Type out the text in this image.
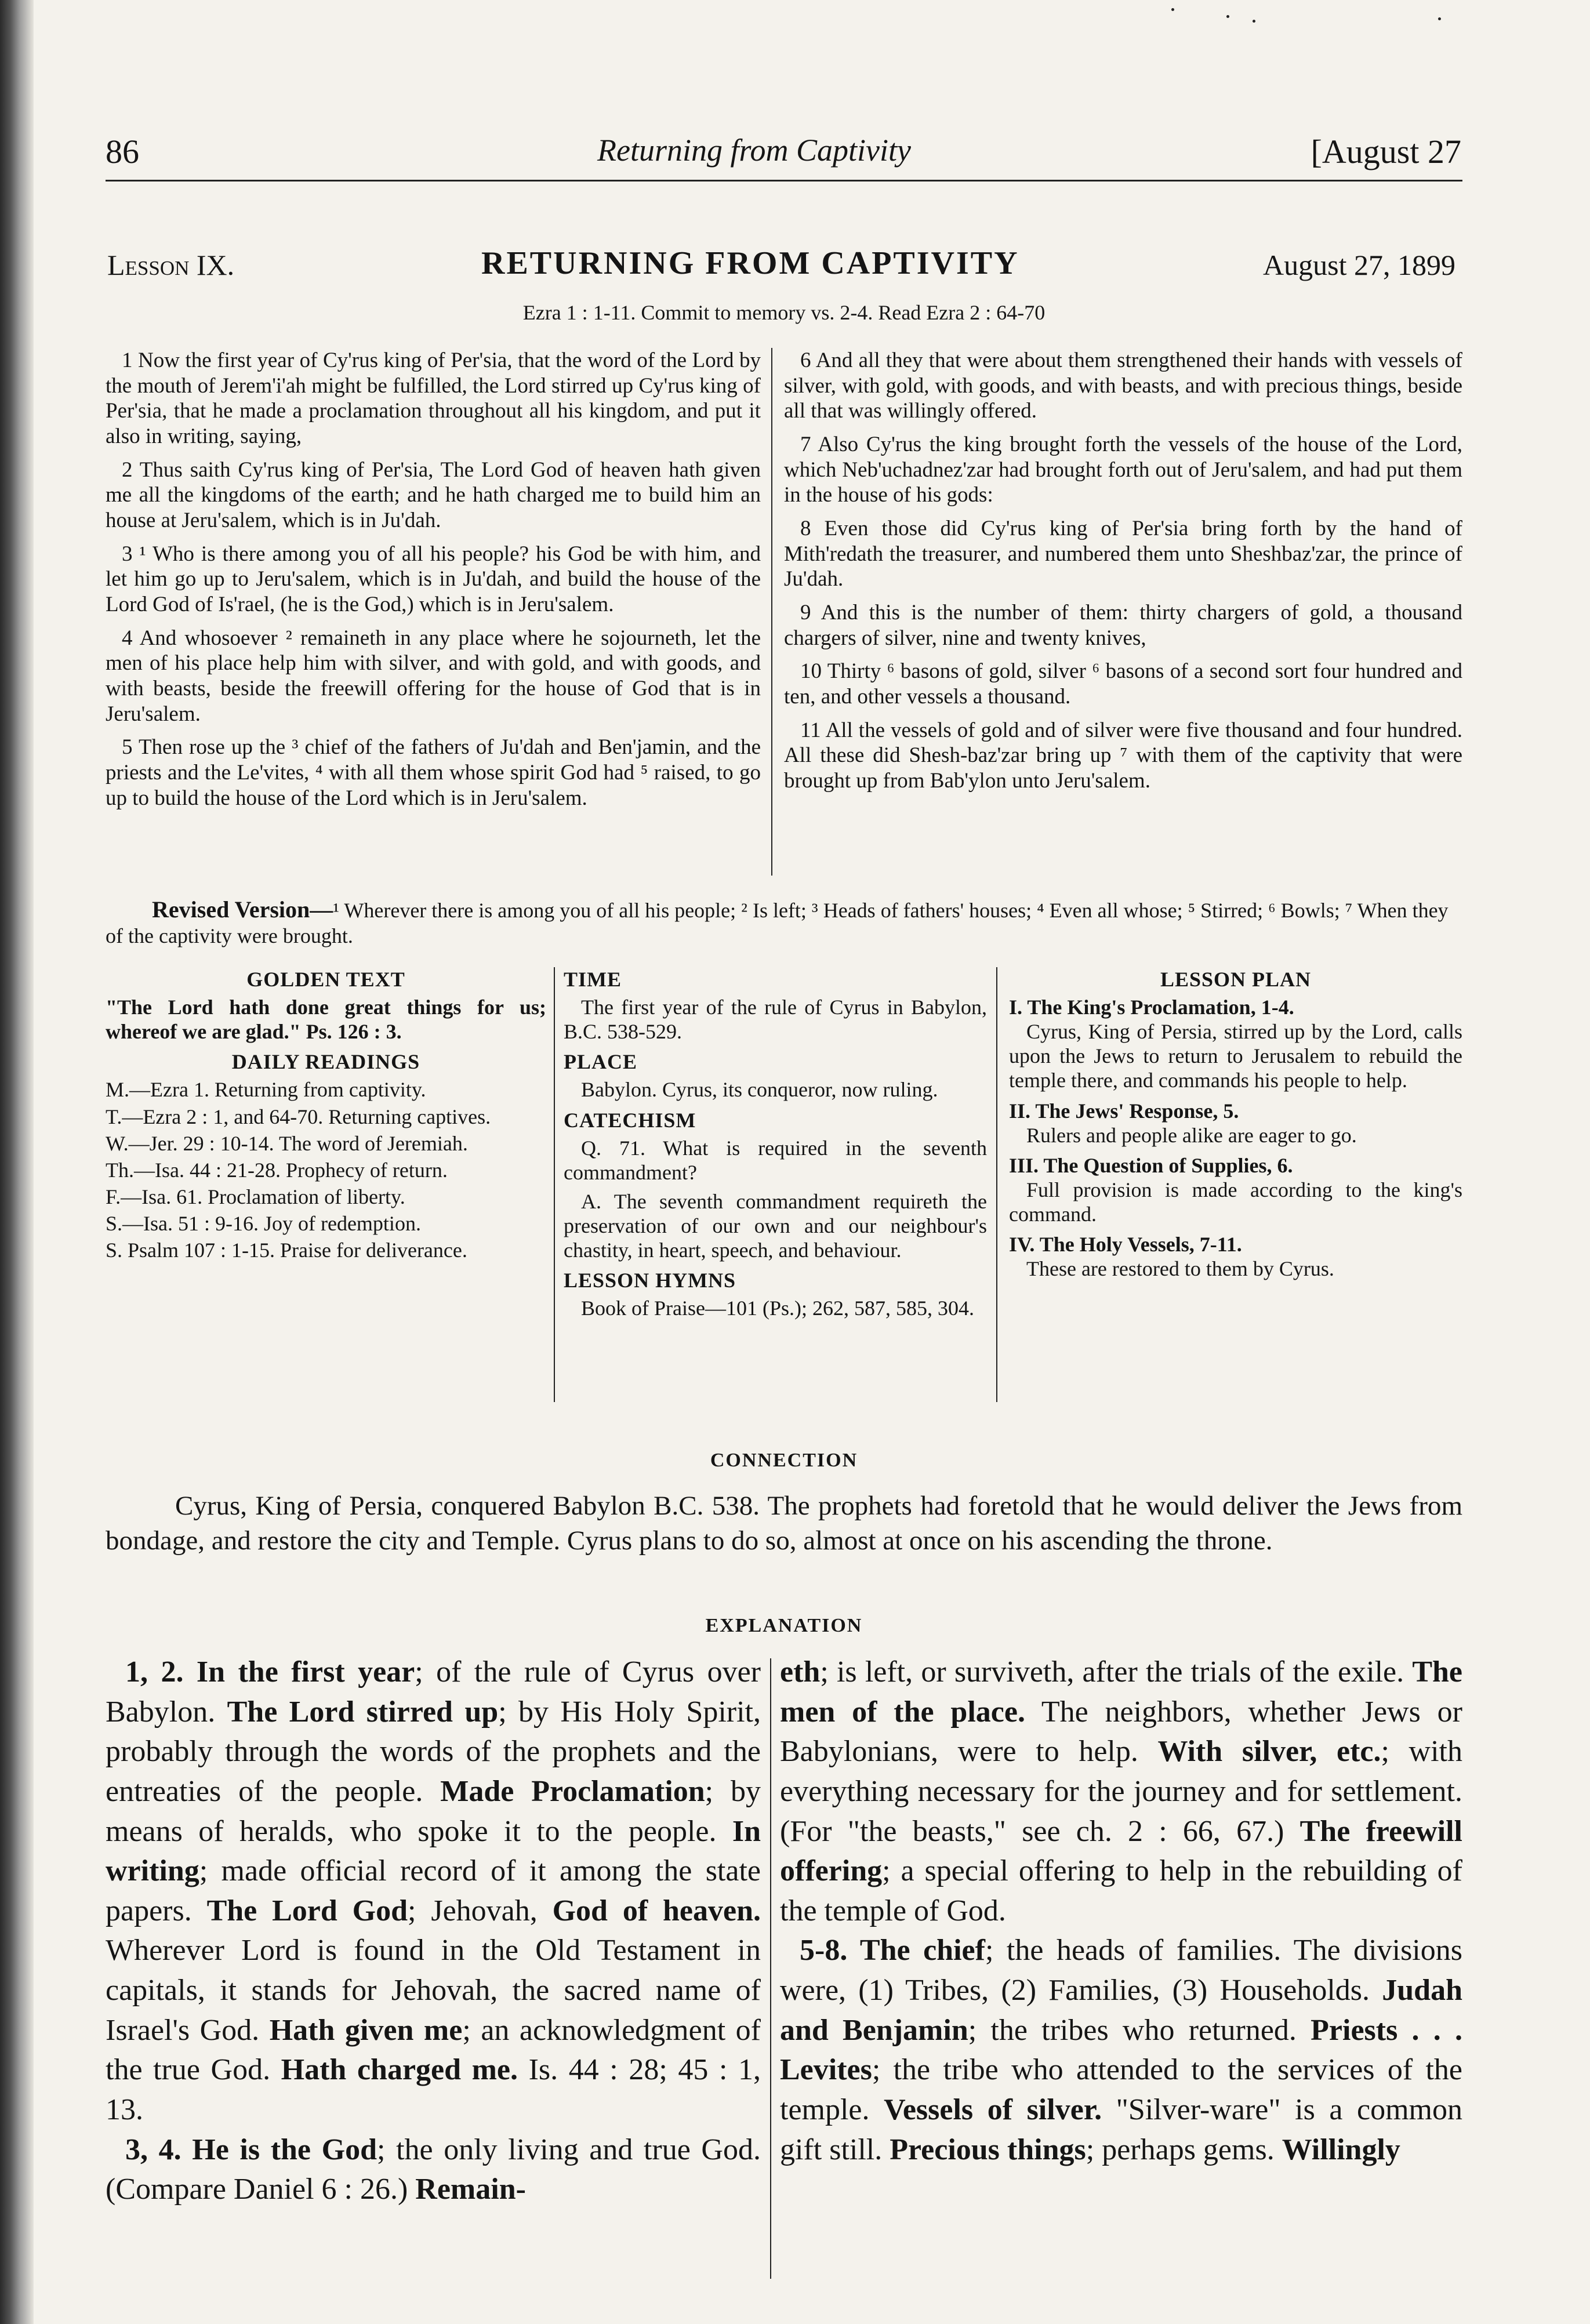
86	Returning from Captivity	[August 27
Lesson IX.	RETURNING FROM CAPTIVITY	August 27, 1899
Ezra 1 : 1-11. Commit to memory vs. 2-4. Read Ezra 2 : 64-70

1 Now the first year of Cy'rus king of Per'sia, that the word of the Lord by the mouth of Jerem'i'ah might be fulfilled, the Lord stirred up Cy'rus king of Per'sia, that he made a proclamation throughout all his kingdom, and put it also in writing, saying,

2 Thus saith Cy'rus king of Per'sia, The Lord God of heaven hath given me all the kingdoms of the earth; and he hath charged me to build him an house at Jeru'salem, which is in Ju'dah.

3 ¹ Who is there among you of all his people? his God be with him, and let him go up to Jeru'salem, which is in Ju'dah, and build the house of the Lord God of Is'rael, (he is the God,) which is in Jeru'salem.

4 And whosoever ² remaineth in any place where he sojourneth, let the men of his place help him with silver, and with gold, and with goods, and with beasts, beside the freewill offering for the house of God that is in Jeru'salem.

5 Then rose up the ³ chief of the fathers of Ju'dah and Ben'jamin, and the priests and the Le'vites, ⁴ with all them whose spirit God had ⁵ raised, to go up to build the house of the Lord which is in Jeru'salem.

6 And all they that were about them strengthened their hands with vessels of silver, with gold, with goods, and with beasts, and with precious things, beside all that was willingly offered.

7 Also Cy'rus the king brought forth the vessels of the house of the Lord, which Neb'uchadnez'zar had brought forth out of Jeru'salem, and had put them in the house of his gods:

8 Even those did Cy'rus king of Per'sia bring forth by the hand of Mith'redath the treasurer, and numbered them unto Sheshbaz'zar, the prince of Ju'dah.

9 And this is the number of them: thirty chargers of gold, a thousand chargers of silver, nine and twenty knives,

10 Thirty ⁶ basons of gold, silver ⁶ basons of a second sort four hundred and ten, and other vessels a thousand.

11 All the vessels of gold and of silver were five thousand and four hundred. All these did Shesh-baz'zar bring up ⁷ with them of the captivity that were brought up from Bab'ylon unto Jeru'salem.

Revised Version—¹ Wherever there is among you of all his people; ² Is left; ³ Heads of fathers' houses; ⁴ Even all whose; ⁵ Stirred; ⁶ Bowls; ⁷ When they of the captivity were brought.
GOLDEN TEXT
"The Lord hath done great things for us; whereof we are glad." Ps. 126 : 3.
DAILY READINGS
M.—Ezra 1. Returning from captivity.
T.—Ezra 2 : 1, and 64-70. Returning captives.
W.—Jer. 29 : 10-14. The word of Jeremiah.
Th.—Isa. 44 : 21-28. Prophecy of return.
F.—Isa. 61. Proclamation of liberty.
S.—Isa. 51 : 9-16. Joy of redemption.
S. Psalm 107 : 1-15. Praise for deliverance.
TIME
The first year of the rule of Cyrus in Babylon, B.C. 538-529.
PLACE
Babylon. Cyrus, its conqueror, now ruling.
CATECHISM
Q. 71. What is required in the seventh commandment?
A. The seventh commandment requireth the preservation of our own and our neighbour's chastity, in heart, speech, and behaviour.
LESSON HYMNS
Book of Praise—101 (Ps.); 262, 587, 585, 304.
LESSON PLAN
I. The King's Proclamation, 1-4.
Cyrus, King of Persia, stirred up by the Lord, calls upon the Jews to return to Jerusalem to rebuild the temple there, and commands his people to help.
II. The Jews' Response, 5.
Rulers and people alike are eager to go.
III. The Question of Supplies, 6.
Full provision is made according to the king's command.
IV. The Holy Vessels, 7-11.
These are restored to them by Cyrus.
CONNECTION
Cyrus, King of Persia, conquered Babylon B.C. 538. The prophets had foretold that he would deliver the Jews from bondage, and restore the city and Temple. Cyrus plans to do so, almost at once on his ascending the throne.
EXPLANATION

1, 2. In the first year; of the rule of Cyrus over Babylon. The Lord stirred up; by His Holy Spirit, probably through the words of the prophets and the entreaties of the people. Made Proclamation; by means of heralds, who spoke it to the people. In writing; made official record of it among the state papers. The Lord God; Jehovah, God of heaven. Wherever Lord is found in the Old Testament in capitals, it stands for Jehovah, the sacred name of Israel's God. Hath given me; an acknowledgment of the true God. Hath charged me. Is. 44 : 28; 45 : 1, 13.

3, 4. He is the God; the only living and true God. (Compare Daniel 6 : 26.) Remain-

eth; is left, or surviveth, after the trials of the exile. The men of the place. The neighbors, whether Jews or Babylonians, were to help. With silver, etc.; with everything necessary for the journey and for settlement. (For "the beasts," see ch. 2 : 66, 67.) The freewill offering; a special offering to help in the rebuilding of the temple of God.

5-8. The chief; the heads of families. The divisions were, (1) Tribes, (2) Families, (3) Households. Judah and Benjamin; the tribes who returned. Priests . . . Levites; the tribe who attended to the services of the temple. Vessels of silver. "Silver-ware" is a common gift still. Precious things; perhaps gems. Willingly
